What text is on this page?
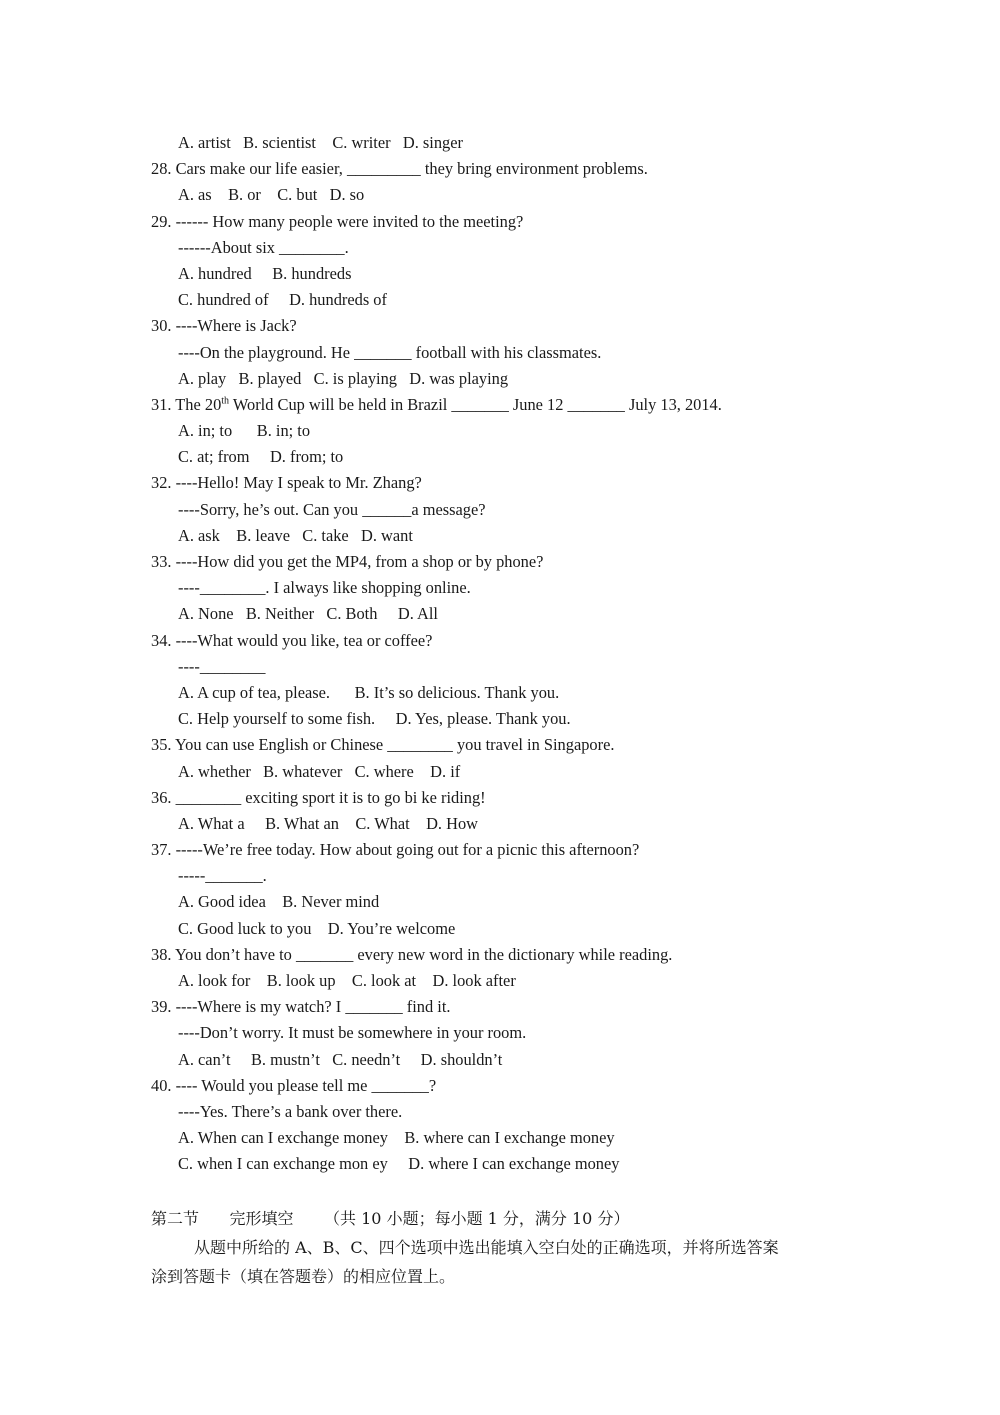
A. artist   B. scientist    C. writer   D. singer
28. Cars make our life easier, _________ they bring environment problems.
A. as    B. or    C. but   D. so
29. ------ How many people were invited to the meeting?
------About six ________.
A. hundred     B. hundreds
C. hundred of     D. hundreds of
30. ----Where is Jack?
----On the playground. He _______ football with his classmates.
A. play   B. played   C. is playing   D. was playing
31. The 20th World Cup will be held in Brazil _______ June 12 _______ July 13, 2014.
A. in; to      B. in; to
C. at; from     D. from; to
32. ----Hello! May I speak to Mr. Zhang?
----Sorry, he’s out. Can you ______a message?
A. ask    B. leave   C. take   D. want
33. ----How did you get the MP4, from a shop or by phone?
----________. I always like shopping online.
A. None   B. Neither   C. Both     D. All
34. ----What would you like, tea or coffee?
----________
A. A cup of tea, please.      B. It’s so delicious. Thank you.
C. Help yourself to some fish.     D. Yes, please. Thank you.
35. You can use English or Chinese ________ you travel in Singapore.
A. whether   B. whatever   C. where    D. if
36. ________ exciting sport it is to go bi ke riding!
A. What a     B. What an    C. What    D. How
37. -----We’re free today. How about going out for a picnic this afternoon?
-----_______.
A. Good idea    B. Never mind
C. Good luck to you    D. You’re welcome
38. You don’t have to _______ every new word in the dictionary while reading.
A. look for    B. look up    C. look at    D. look after
39. ----Where is my watch? I _______ find it.
----Don’t worry. It must be somewhere in your room.
A. can’t     B. mustn’t   C. needn’t     D. shouldn’t
40. ---- Would you please tell me _______?
----Yes. There’s a bank over there.
A. When can I exchange money    B. where can I exchange money
C. when I can exchange mon ey     D. where I can exchange money
第二节      完形填空      （共 10 小题；每小题 1 分，满分 10 分）
从题中所给的 A、B、C、四个选项中选出能填入空白处的正确选项，并将所选答案
涂到答题卡（填在答题卷）的相应位置上。
